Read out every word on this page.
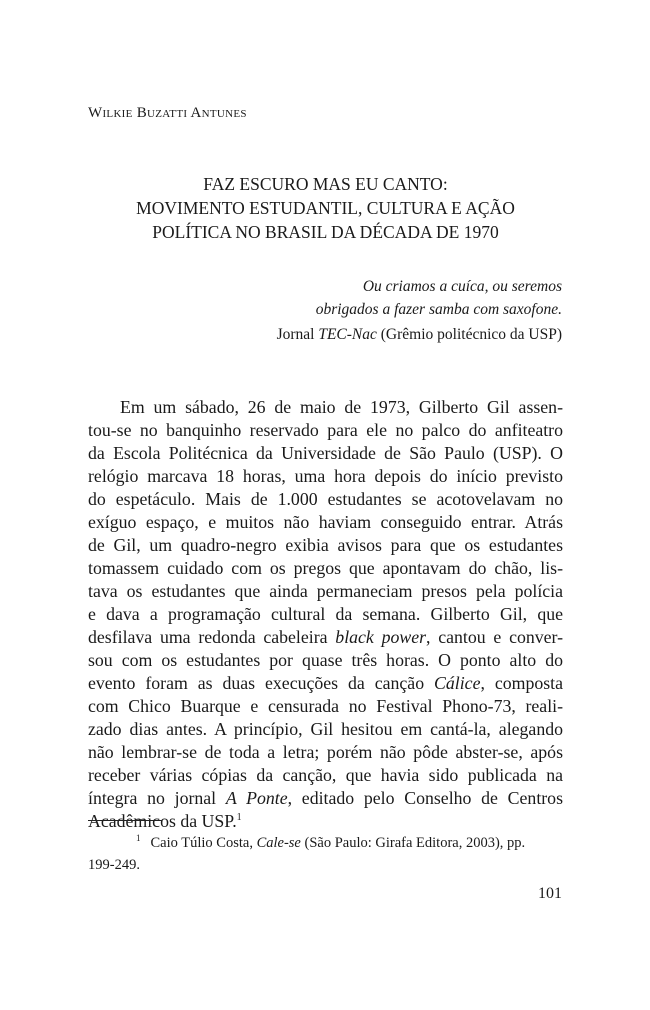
Wilkie Buzatti Antunes
FAZ ESCURO MAS EU CANTO:
MOVIMENTO ESTUDANTIL, CULTURA E AÇÃO
POLÍTICA NO BRASIL DA DÉCADA DE 1970
Ou criamos a cuíca, ou seremos
obrigados a fazer samba com saxofone.
Jornal TEC-Nac (Grêmio politécnico da USP)
Em um sábado, 26 de maio de 1973, Gilberto Gil assen-
tou-se no banquinho reservado para ele no palco do anfiteatro
da Escola Politécnica da Universidade de São Paulo (USP). O
relógio marcava 18 horas, uma hora depois do início previsto
do espetáculo. Mais de 1.000 estudantes se acotovelavam no
exíguo espaço, e muitos não haviam conseguido entrar. Atrás
de Gil, um quadro-negro exibia avisos para que os estudantes
tomassem cuidado com os pregos que apontavam do chão, lis-
tava os estudantes que ainda permaneciam presos pela polícia
e dava a programação cultural da semana. Gilberto Gil, que
desfilava uma redonda cabeleira black power, cantou e conver-
sou com os estudantes por quase três horas. O ponto alto do
evento foram as duas execuções da canção Cálice, composta
com Chico Buarque e censurada no Festival Phono-73, reali-
zado dias antes. A princípio, Gil hesitou em cantá-la, alegando
não lembrar-se de toda a letra; porém não pôde abster-se, após
receber várias cópias da canção, que havia sido publicada na
íntegra no jornal A Ponte, editado pelo Conselho de Centros
Acadêmicos da USP.$^1$
$^1$ Caio Túlio Costa, Cale-se (São Paulo: Girafa Editora, 2003), pp.
199-249.
101
